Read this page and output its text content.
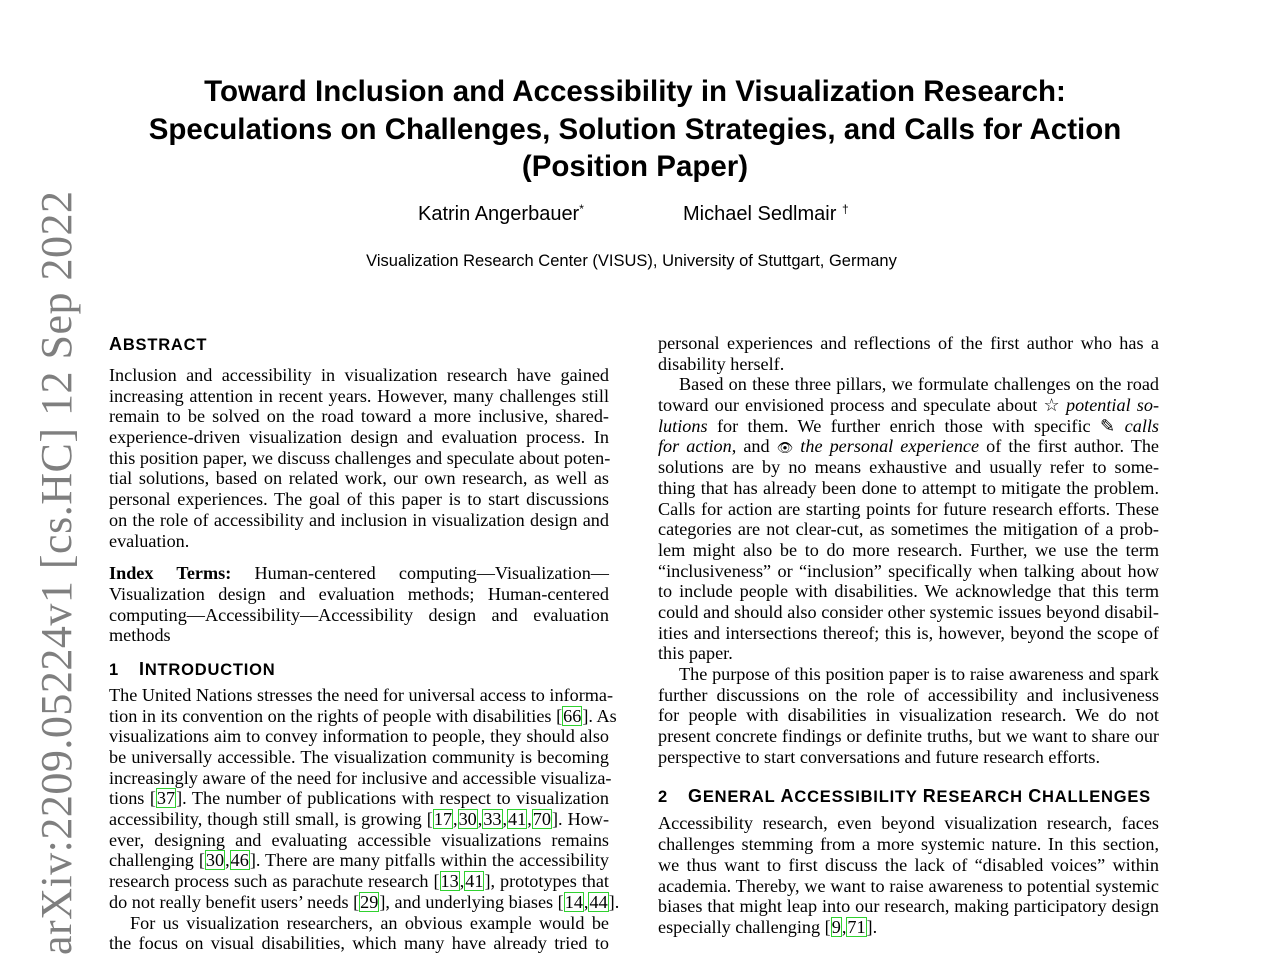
arXiv:2209.05224v1 [cs.HC] 12 Sep 2022
Toward Inclusion and Accessibility in Visualization Research:
Speculations on Challenges, Solution Strategies, and Calls for Action
(Position Paper)
Katrin Angerbauer*	Michael Sedlmair †
Visualization Research Center (VISUS), University of Stuttgart, Germany
ABSTRACT
Inclusion and accessibility in visualization research have gained
increasing attention in recent years. However, many challenges still
remain to be solved on the road toward a more inclusive, shared-
experience-driven visualization design and evaluation process. In
this position paper, we discuss challenges and speculate about poten-
tial solutions, based on related work, our own research, as well as
personal experiences. The goal of this paper is to start discussions
on the role of accessibility and inclusion in visualization design and
evaluation.
Index Terms: Human-centered computing—Visualization—
Visualization design and evaluation methods; Human-centered
computing—Accessibility—Accessibility design and evaluation
methods
1 INTRODUCTION
The United Nations stresses the need for universal access to informa-
tion in its convention on the rights of people with disabilities [66]. As
visualizations aim to convey information to people, they should also
be universally accessible. The visualization community is becoming
increasingly aware of the need for inclusive and accessible visualiza-
tions [37]. The number of publications with respect to visualization
accessibility, though still small, is growing [17,30,33,41,70]. How-
ever, designing and evaluating accessible visualizations remains
challenging [30,46]. There are many pitfalls within the accessibility
research process such as parachute research [13,41], prototypes that
do not really benefit users’ needs [29], and underlying biases [14,44].
For us visualization researchers, an obvious example would be
the focus on visual disabilities, which many have already tried to
personal experiences and reflections of the first author who has a
disability herself.
Based on these three pillars, we formulate challenges on the road
toward our envisioned process and speculate about ☆ potential so-
lutions for them. We further enrich those with specific ✎ calls
for action, and 👁 the personal experience of the first author. The
solutions are by no means exhaustive and usually refer to some-
thing that has already been done to attempt to mitigate the problem.
Calls for action are starting points for future research efforts. These
categories are not clear-cut, as sometimes the mitigation of a prob-
lem might also be to do more research. Further, we use the term
“inclusiveness” or “inclusion” specifically when talking about how
to include people with disabilities. We acknowledge that this term
could and should also consider other systemic issues beyond disabil-
ities and intersections thereof; this is, however, beyond the scope of
this paper.
The purpose of this position paper is to raise awareness and spark
further discussions on the role of accessibility and inclusiveness
for people with disabilities in visualization research. We do not
present concrete findings or definite truths, but we want to share our
perspective to start conversations and future research efforts.
2 GENERAL ACCESSIBILITY RESEARCH CHALLENGES
Accessibility research, even beyond visualization research, faces
challenges stemming from a more systemic nature. In this section,
we thus want to first discuss the lack of “disabled voices” within
academia. Thereby, we want to raise awareness to potential systemic
biases that might leap into our research, making participatory design
especially challenging [9,71].
